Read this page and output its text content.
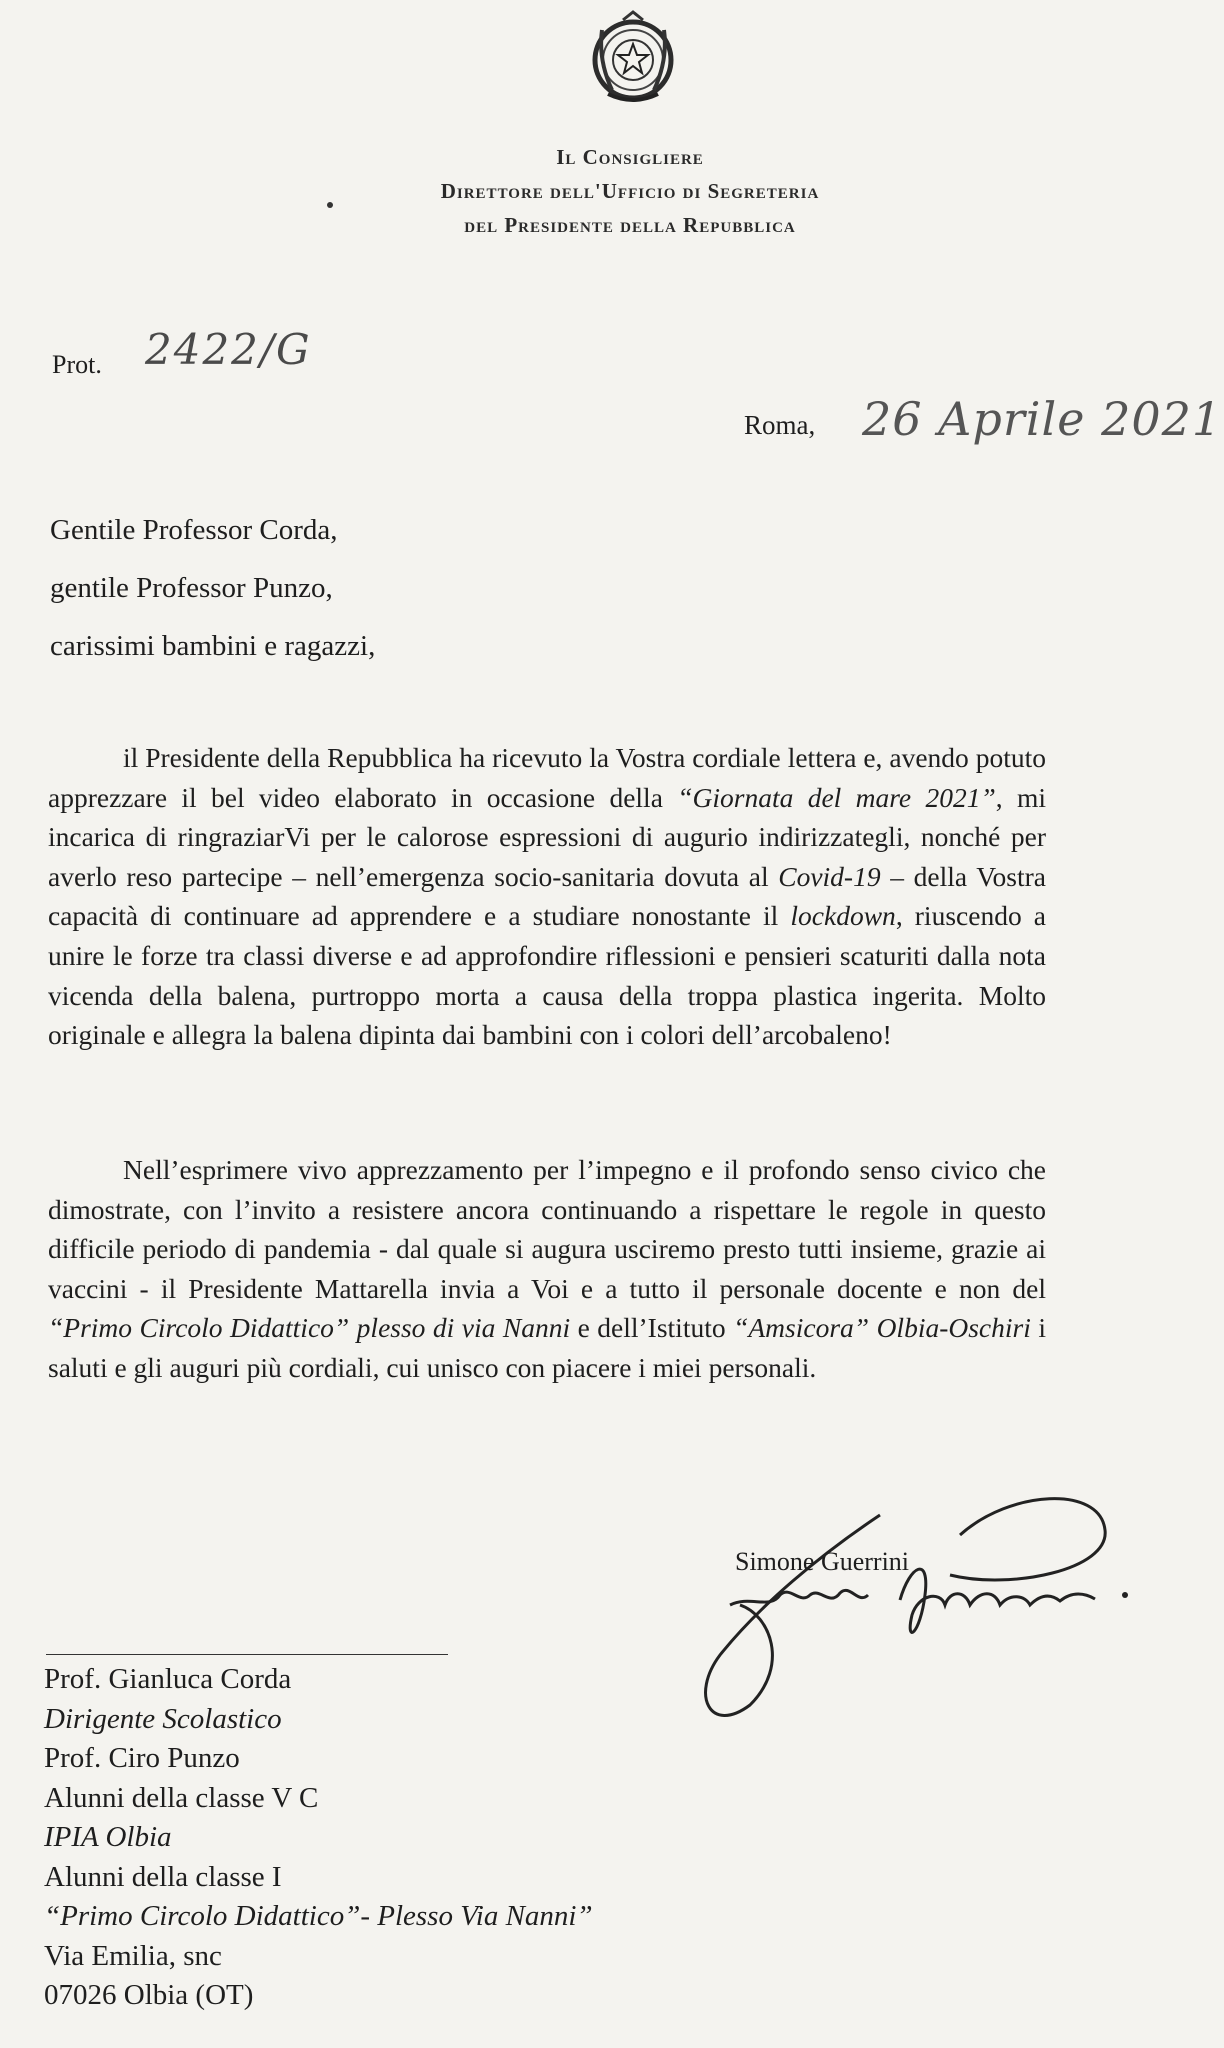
Il Consigliere
Direttore dell'Ufficio di Segreteria
del Presidente della Repubblica
Prot. 2422/G
Roma, 26 Aprile 2021
Gentile Professor Corda,
gentile Professor Punzo,
carissimi bambini e ragazzi,

il Presidente della Repubblica ha ricevuto la Vostra cordiale lettera e, avendo potuto apprezzare il bel video elaborato in occasione della “Giornata del mare 2021”, mi incarica di ringraziarVi per le calorose espressioni di augurio indirizzategli, nonché per averlo reso partecipe – nell’emergenza socio-sanitaria dovuta al Covid-19 – della Vostra capacità di continuare ad apprendere e a studiare nonostante il lockdown, riuscendo a unire le forze tra classi diverse e ad approfondire riflessioni e pensieri scaturiti dalla nota vicenda della balena, purtroppo morta a causa della troppa plastica ingerita. Molto originale e allegra la balena dipinta dai bambini con i colori dell’arcobaleno!

Nell’esprimere vivo apprezzamento per l’impegno e il profondo senso civico che dimostrate, con l’invito a resistere ancora continuando a rispettare le regole in questo difficile periodo di pandemia - dal quale si augura usciremo presto tutti insieme, grazie ai vaccini - il Presidente Mattarella invia a Voi e a tutto il personale docente e non del “Primo Circolo Didattico” plesso di via Nanni e dell’Istituto “Amsicora” Olbia-Oschiri i saluti e gli auguri più cordiali, cui unisco con piacere i miei personali.

Simone Guerrini
Prof. Gianluca Corda
Dirigente Scolastico
Prof. Ciro Punzo
Alunni della classe V C
IPIA Olbia
Alunni della classe I
“Primo Circolo Didattico”- Plesso Via Nanni”
Via Emilia, snc
07026 Olbia (OT)
